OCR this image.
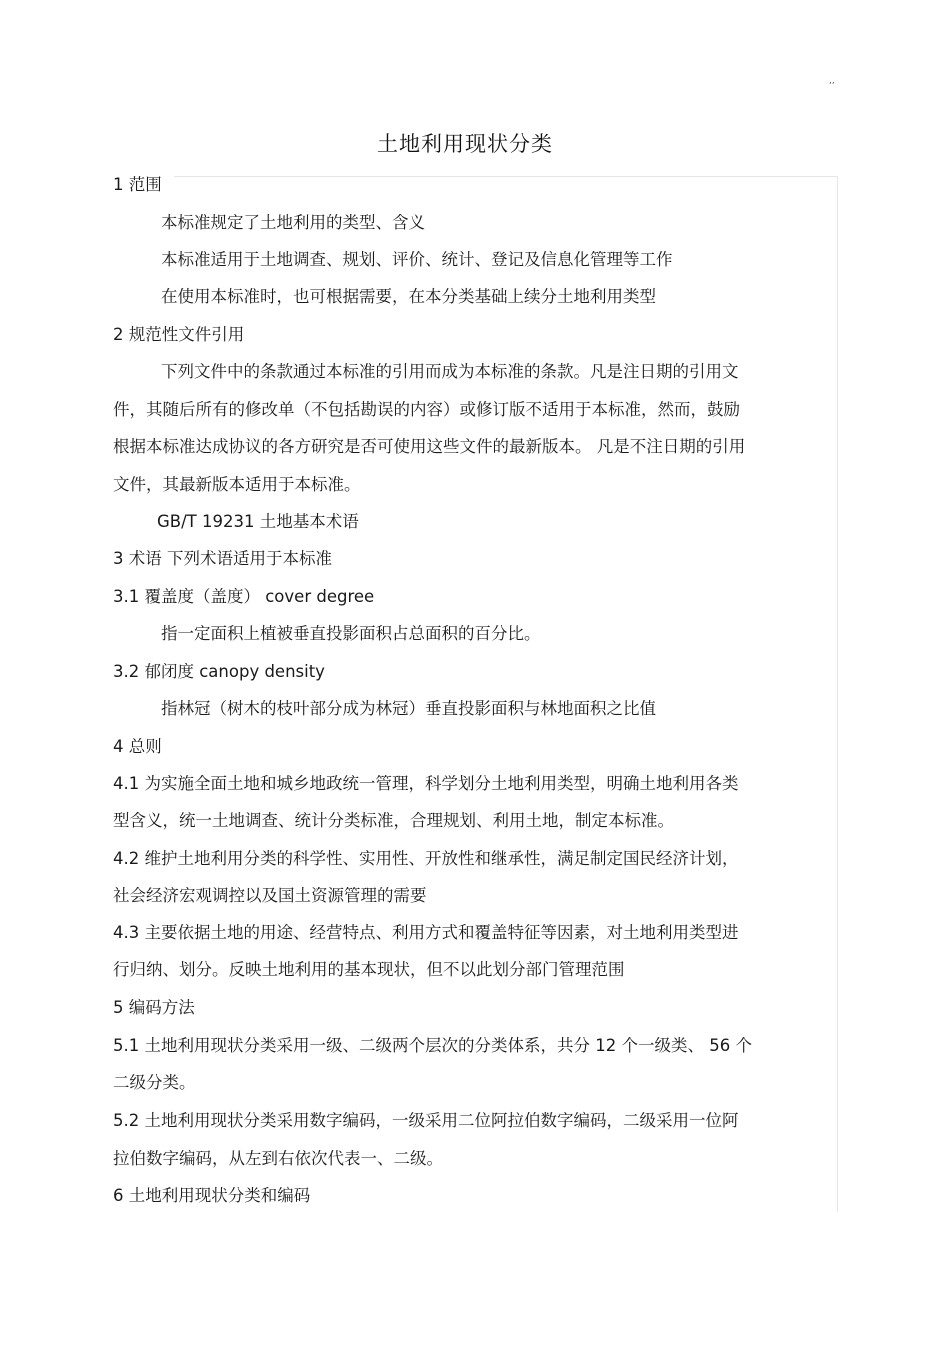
,,
土地利用现状分类
1 范围
本标准规定了土地利用的类型、含义
本标准适用于土地调查、规划、评价、统计、登记及信息化管理等工作
在使用本标准时，也可根据需要，在本分类基础上续分土地利用类型
2 规范性文件引用
下列文件中的条款通过本标准的引用而成为本标准的条款。凡是注日期的引用文
件，其随后所有的修改单（不包括勘误的内容）或修订版不适用于本标准，然而，鼓励
根据本标准达成协议的各方研究是否可使用这些文件的最新版本。 凡是不注日期的引用
文件，其最新版本适用于本标准。
GB/T 19231 土地基本术语
3 术语 下列术语适用于本标准
3.1 覆盖度（盖度） cover degree
指一定面积上植被垂直投影面积占总面积的百分比。
3.2 郁闭度 canopy density
指林冠（树木的枝叶部分成为林冠）垂直投影面积与林地面积之比值
4 总则
4.1 为实施全面土地和城乡地政统一管理，科学划分土地利用类型，明确土地利用各类
型含义，统一土地调查、统计分类标准，合理规划、利用土地，制定本标准。
4.2 维护土地利用分类的科学性、实用性、开放性和继承性，满足制定国民经济计划，
社会经济宏观调控以及国土资源管理的需要
4.3 主要依据土地的用途、经营特点、利用方式和覆盖特征等因素，对土地利用类型进
行归纳、划分。反映土地利用的基本现状，但不以此划分部门管理范围
5 编码方法
5.1 土地利用现状分类采用一级、二级两个层次的分类体系，共分 12 个一级类、 56 个
二级分类。
5.2 土地利用现状分类采用数字编码，一级采用二位阿拉伯数字编码，二级采用一位阿
拉伯数字编码，从左到右依次代表一、二级。
6 土地利用现状分类和编码
